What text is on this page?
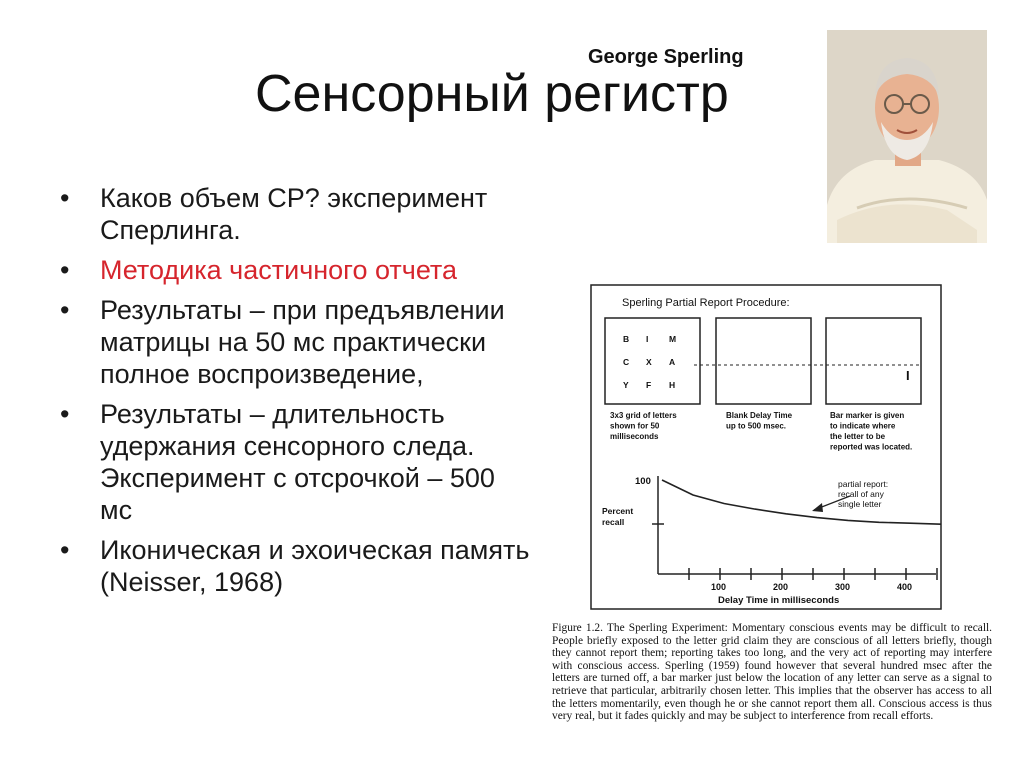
George Sperling
Сенсорный регистр
• Каков объем СР? эксперимент Сперлинга.
• Методика частичного отчета
• Результаты – при предъявлении матрицы на 50 мс практически полное воспроизведение,
• Результаты – длительность удержания сенсорного следа. Эксперимент с отсрочкой – 500 мс
• Иконическая и эхоическая память (Neisser, 1968)
Sperling Partial Report Procedure:
I
B I M
C X A
Y F H
3x3 grid of letters
shown for 50
milliseconds
Blank Delay Time
up to 500 msec.
Bar marker is given
to indicate where
the letter to be
reported was located.
100
Percent
recall
100	200	300	400
partial report:
recall of any
single letter
Delay Time in milliseconds
Figure 1.2. The Sperling Experiment: Momentary conscious events may be difficult to recall. People briefly exposed to the letter grid claim they are conscious of all letters briefly, though they cannot report them; reporting takes too long, and the very act of reporting may interfere with conscious access. Sperling (1959) found however that several hundred msec after the letters are turned off, a bar marker just below the location of any letter can serve as a signal to retrieve that particular, arbitrarily chosen letter. This implies that the observer has access to all the letters momentarily, even though he or she cannot report them all. Conscious access is thus very real, but it fades quickly and may be subject to interference from recall efforts.
